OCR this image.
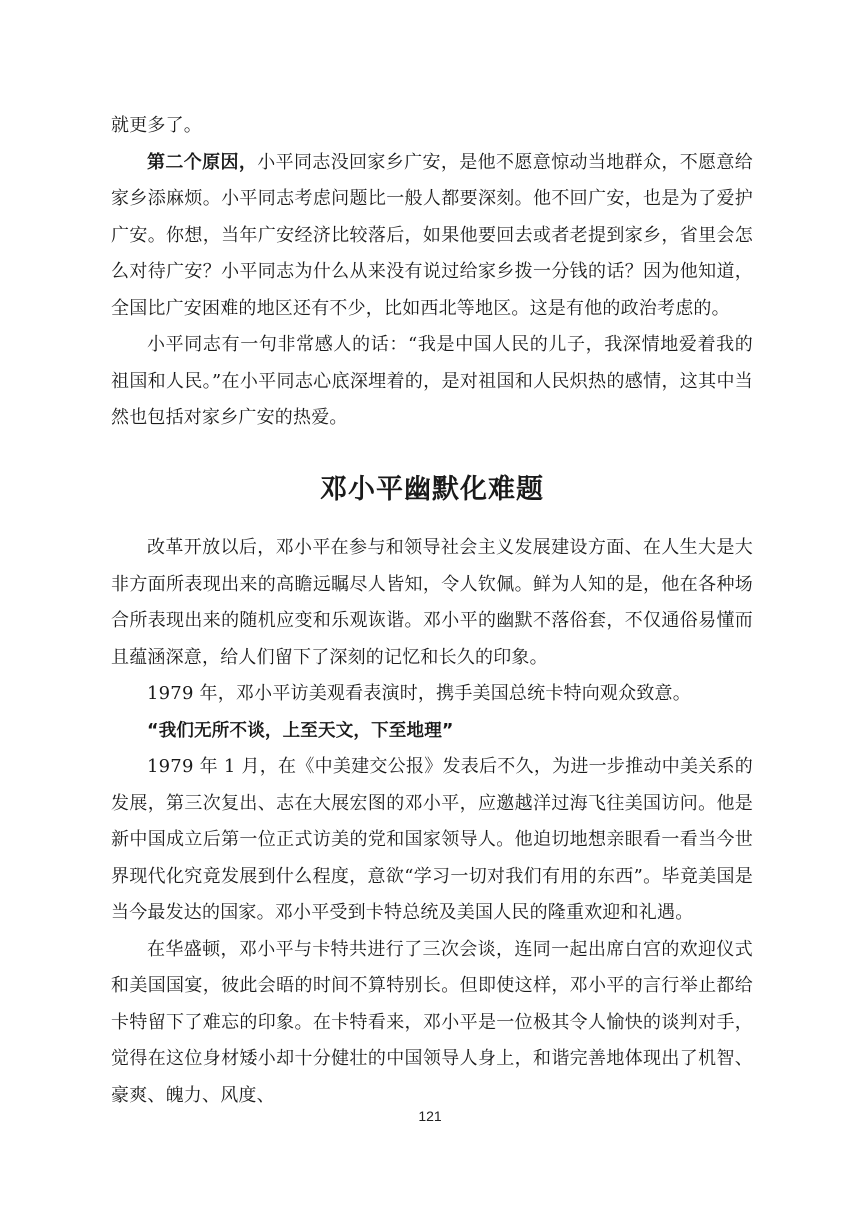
就更多了。

第二个原因，小平同志没回家乡广安，是他不愿意惊动当地群众，不愿意给家乡添麻烦。小平同志考虑问题比一般人都要深刻。他不回广安，也是为了爱护广安。你想，当年广安经济比较落后，如果他要回去或者老提到家乡，省里会怎么对待广安？小平同志为什么从来没有说过给家乡拨一分钱的话？因为他知道，全国比广安困难的地区还有不少，比如西北等地区。这是有他的政治考虑的。

小平同志有一句非常感人的话：“我是中国人民的儿子，我深情地爱着我的祖国和人民。”在小平同志心底深埋着的，是对祖国和人民炽热的感情，这其中当然也包括对家乡广安的热爱。

邓小平幽默化难题

改革开放以后，邓小平在参与和领导社会主义发展建设方面、在人生大是大非方面所表现出来的高瞻远瞩尽人皆知，令人钦佩。鲜为人知的是，他在各种场合所表现出来的随机应变和乐观诙谐。邓小平的幽默不落俗套，不仅通俗易懂而且蕴涵深意，给人们留下了深刻的记忆和长久的印象。

1979 年，邓小平访美观看表演时，携手美国总统卡特向观众致意。

“我们无所不谈，上至天文，下至地理”

1979 年 1 月，在《中美建交公报》发表后不久，为进一步推动中美关系的发展，第三次复出、志在大展宏图的邓小平，应邀越洋过海飞往美国访问。他是新中国成立后第一位正式访美的党和国家领导人。他迫切地想亲眼看一看当今世界现代化究竟发展到什么程度，意欲“学习一切对我们有用的东西”。毕竟美国是当今最发达的国家。邓小平受到卡特总统及美国人民的隆重欢迎和礼遇。

在华盛顿，邓小平与卡特共进行了三次会谈，连同一起出席白宫的欢迎仪式和美国国宴，彼此会晤的时间不算特别长。但即使这样，邓小平的言行举止都给卡特留下了难忘的印象。在卡特看来，邓小平是一位极其令人愉快的谈判对手，觉得在这位身材矮小却十分健壮的中国领导人身上，和谐完善地体现出了机智、豪爽、魄力、风度、

121
